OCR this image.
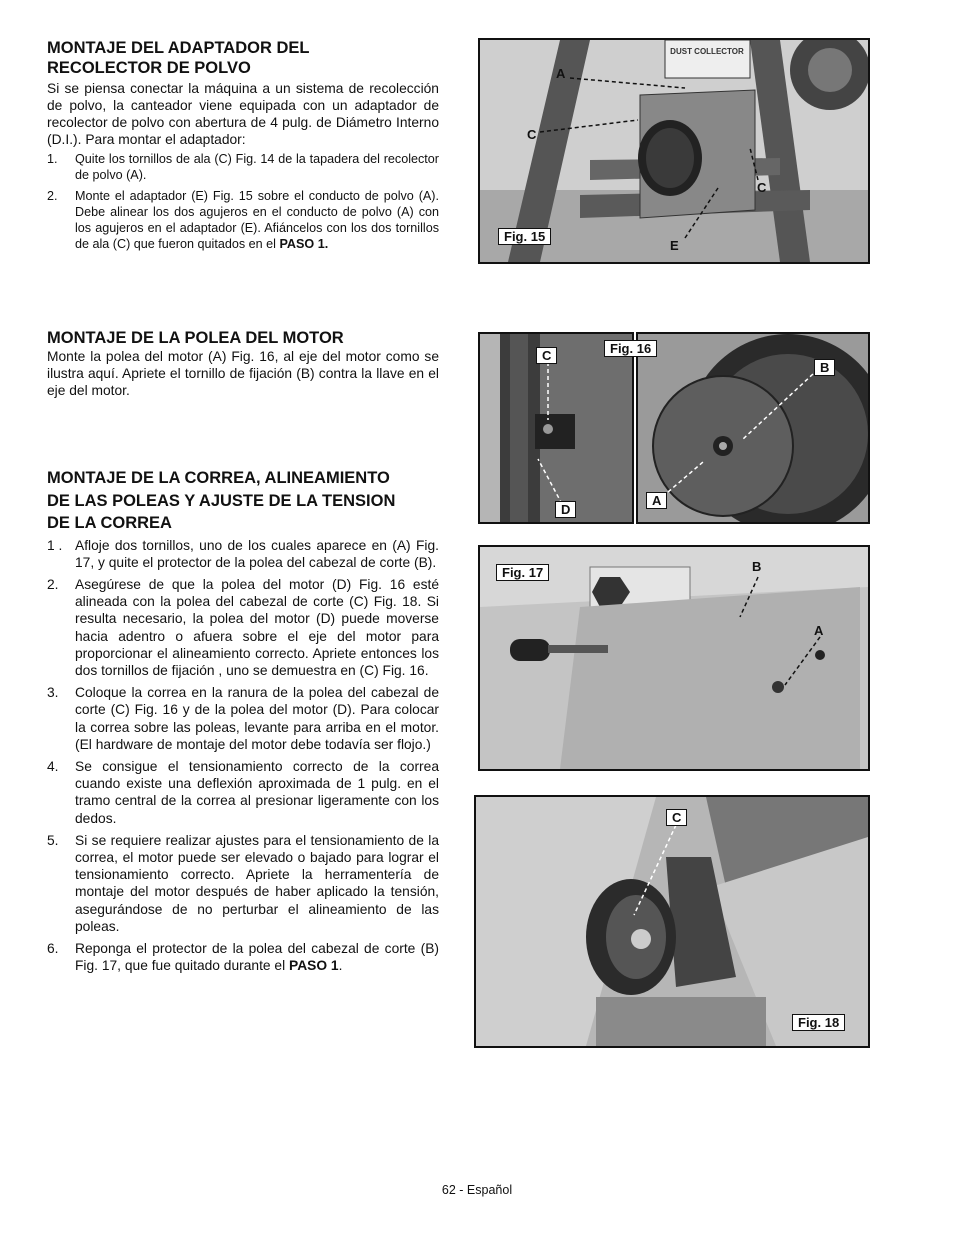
MONTAJE DEL ADAPTADOR DEL
RECOLECTOR DE POLVO

Si se piensa conectar la máquina a un sistema de recolección de polvo, la canteador viene equipada con un adaptador de recolector de polvo con abertura de 4 pulg. de Diámetro Interno (D.I.). Para montar el adaptador:

1. Quite los tornillos de ala (C) Fig. 14 de la tapadera del recolector de polvo (A).
2. Monte el adaptador (E) Fig. 15 sobre el conducto de polvo (A). Debe alinear los dos agujeros en el conducto de polvo (A) con los agujeros en el adaptador (E). Afiáncelos con los dos tornillos de ala (C) que fueron quitados en el PASO 1.
MONTAJE DE LA POLEA DEL MOTOR

Monte la polea del motor (A) Fig. 16, al eje del motor como se ilustra aquí. Apriete el tornillo de fijación (B) contra la llave en el eje del motor.

MONTAJE DE LA CORREA, ALINEAMIENTO
DE LAS POLEAS Y AJUSTE DE LA TENSION
DE LA CORREA
1 . Afloje dos tornillos, uno de los cuales aparece en (A) Fig. 17, y quite el protector de la polea del cabezal de corte (B).
2. Asegúrese de que la polea del motor (D) Fig. 16 esté alineada con la polea del cabezal de corte (C) Fig. 18. Si resulta necesario, la polea del motor (D) puede moverse hacia adentro o afuera sobre el eje del motor para proporcionar el alineamiento correcto. Apriete entonces los dos tornillos de fijación , uno se demuestra en (C) Fig. 16.
3. Coloque la correa en la ranura de la polea del cabezal de corte (C) Fig. 16 y de la polea del motor (D). Para colocar la correa sobre las poleas, levante para arriba en el motor. (El hardware de montaje del motor debe todavía ser flojo.)
4. Se consigue el tensionamiento correcto de la correa cuando existe una deflexión aproximada de 1 pulg. en el tramo central de la correa al presionar ligeramente con los dedos.
5. Si se requiere realizar ajustes para el tensionamiento de la correa, el motor puede ser elevado o bajado para lograr el tensionamiento correcto. Apriete la herramentería de montaje del motor después de haber aplicado la tensión, asegurándose de no perturbar el alineamiento de las poleas.
6. Reponga el protector de la polea del cabezal de corte (B) Fig. 17, que fue quitado durante el PASO 1.
DUST COLLECTOR
A
C
C
E
Fig. 15
C
D
B
A
Fig. 16
Fig. 17	B
A
C
Fig. 18
62 - Español
